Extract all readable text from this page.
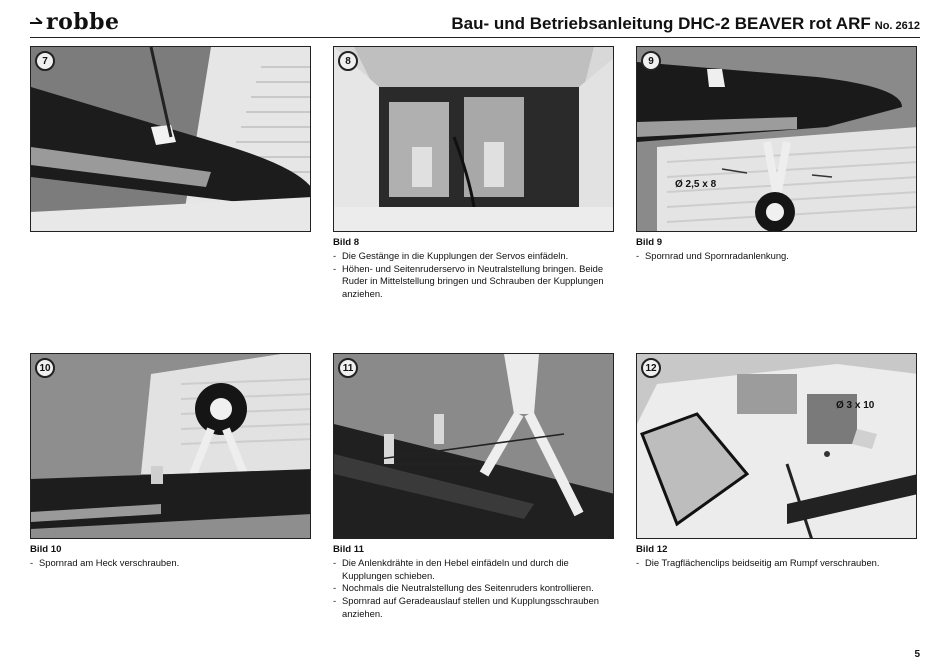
robbe	Bau- und Betriebsanleitung DHC-2 BEAVER rot ARF No. 2612
7	8	9
Ø 2,5 x 8
10	11	12
Ø 3 x 10
Bild 8
- Die Gestänge in die Kupplungen der Servos einfädeln.
- Höhen- und Seitenruderservo in Neutralstellung bringen. Beide Ruder in Mittelstellung bringen und Schrauben der Kupplungen anziehen.
Bild 9
- Spornrad und Spornradanlenkung.
Bild 10
- Spornrad am Heck verschrauben.
Bild 11
- Die Anlenkdrähte in den Hebel einfädeln und durch die Kupplungen schieben.
- Nochmals die Neutralstellung des Seitenruders kontrollieren.
- Spornrad auf Geradeauslauf stellen und Kupplungsschrauben anziehen.
Bild 12
- Die Tragflächenclips beidseitig am Rumpf verschrauben.
5
